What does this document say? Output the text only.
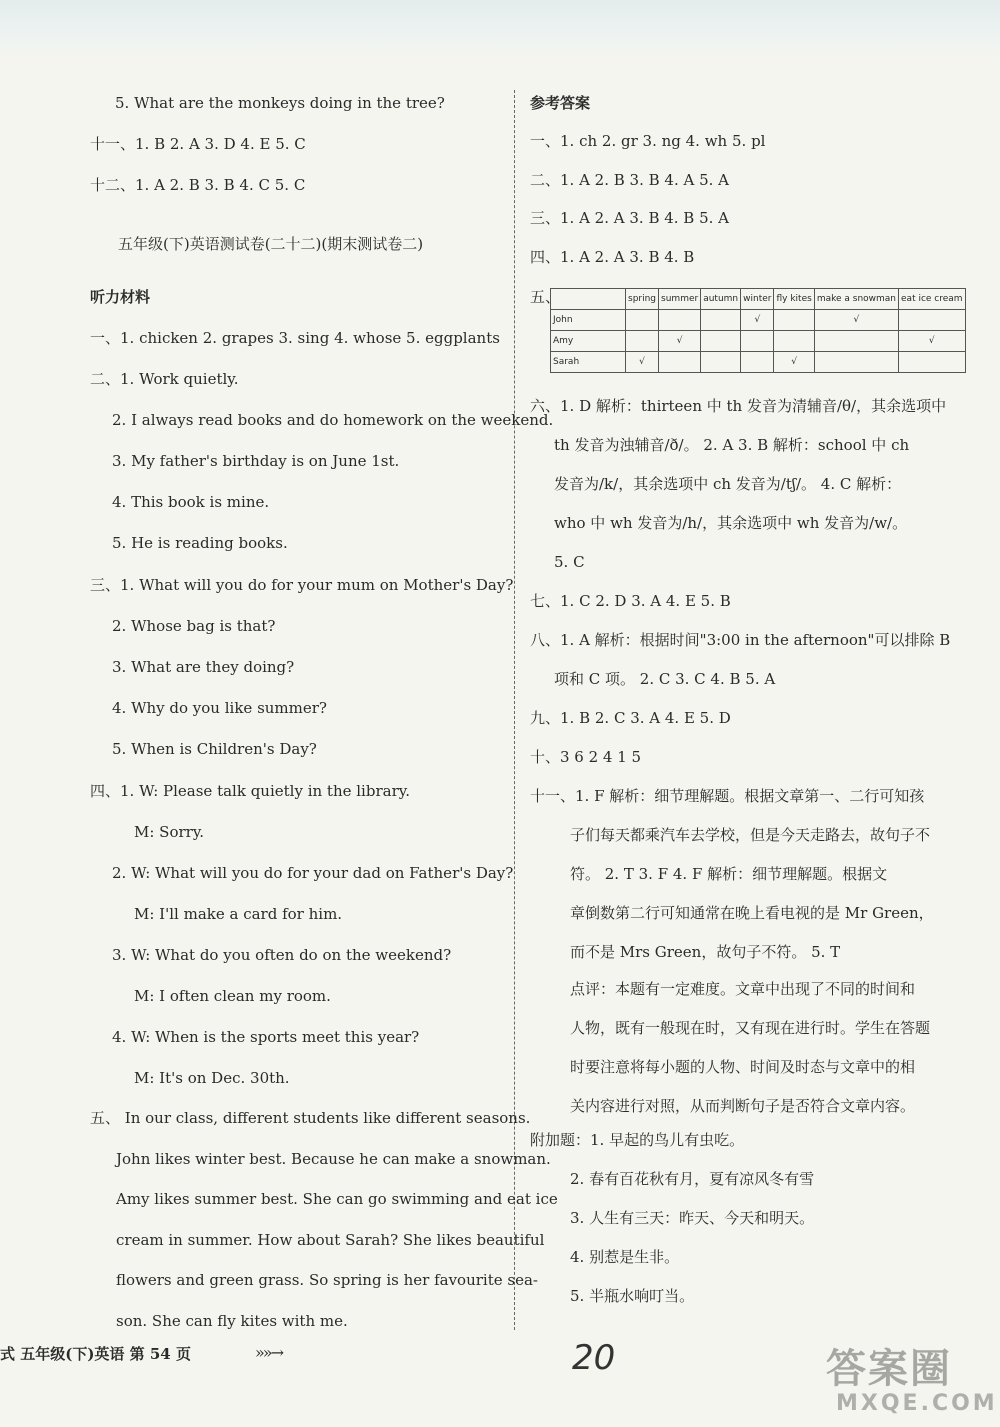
5. What are the monkeys doing in the tree?
十一、1. B 2. A 3. D 4. E 5. C
十二、1. A 2. B 3. B 4. C 5. C
五年级(下)英语测试卷(二十二)(期末测试卷二)
听力材料
一、1. chicken 2. grapes 3. sing 4. whose 5. eggplants
二、1. Work quietly.
2. I always read books and do homework on the weekend.
3. My father's birthday is on June 1st.
4. This book is mine.
5. He is reading books.
三、1. What will you do for your mum on Mother's Day?
2. Whose bag is that?
3. What are they doing?
4. Why do you like summer?
5. When is Children's Day?
四、1. W: Please talk quietly in the library.
M: Sorry.
2. W: What will you do for your dad on Father's Day?
M: I'll make a card for him.
3. W: What do you often do on the weekend?
M: I often clean my room.
4. W: When is the sports meet this year?
M: It's on Dec. 30th.
五、 In our class, different students like different seasons.
John likes winter best. Because he can make a snowman.
Amy likes summer best. She can go swimming and eat ice
cream in summer. How about Sarah? She likes beautiful
flowers and green grass. So spring is her favourite sea-
son. She can fly kites with me.
参考答案
一、1. ch 2. gr 3. ng 4. wh 5. pl
二、1. A 2. B 3. B 4. A 5. A
三、1. A 2. A 3. B 4. B 5. A
四、1. A 2. A 3. B 4. B
五、
		spring	summer	autumn	winter	fly kites	make a snowman	eat ice cream
John				√		√	
Amy		√					√
Sarah	√				√		
六、1. D 解析：thirteen 中 th 发音为清辅音/θ/，其余选项中
th 发音为浊辅音/ð/。 2. A 3. B 解析：school 中 ch
发音为/k/，其余选项中 ch 发音为/tʃ/。 4. C 解析：
who 中 wh 发音为/h/，其余选项中 wh 发音为/w/。
5. C
七、1. C 2. D 3. A 4. E 5. B
八、1. A 解析：根据时间"3:00 in the afternoon"可以排除 B
项和 C 项。 2. C 3. C 4. B 5. A
九、1. B 2. C 3. A 4. E 5. D
十、3 6 2 4 1 5
十一、1. F 解析：细节理解题。根据文章第一、二行可知孩
子们每天都乘汽车去学校，但是今天走路去，故句子不
符。 2. T 3. F 4. F 解析：细节理解题。根据文
章倒数第二行可知通常在晚上看电视的是 Mr Green，
而不是 Mrs Green，故句子不符。 5. T
点评：本题有一定难度。文章中出现了不同的时间和
人物，既有一般现在时，又有现在进行时。学生在答题
时要注意将每小题的人物、时间及时态与文章中的相
关内容进行对照，从而判断句子是否符合文章内容。
附加题：1. 早起的鸟儿有虫吃。
2. 春有百花秋有月，夏有凉风冬有雪
3. 人生有三天：昨天、今天和明天。
4. 别惹是生非。
5. 半瓶水响叮当。
式 五年级(下)英语 第 54 页	»»→	20	答案圈
MXQE.COM
